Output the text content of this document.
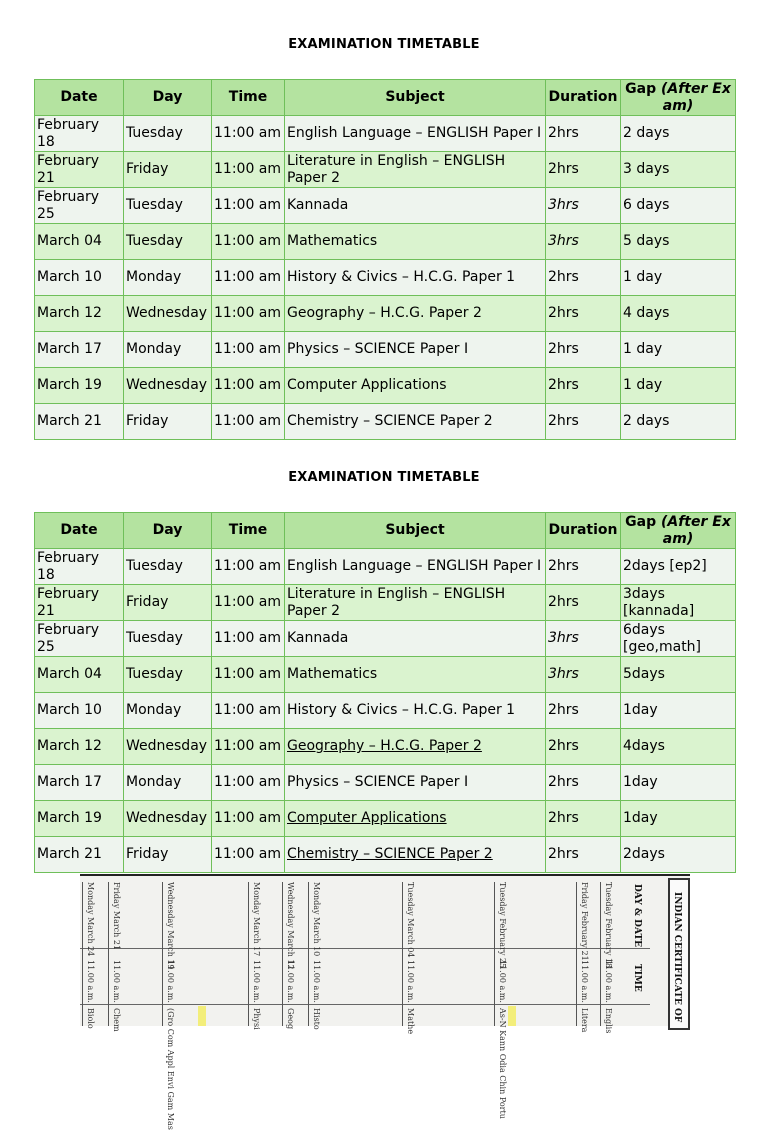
EXAMINATION TIMETABLE
Date	Day	Time	Subject	Duration	Gap (After Exam)
February 18	Tuesday	11:00 am	English Language – ENGLISH Paper I	2hrs	2 days
February 21	Friday	11:00 am	Literature in English – ENGLISH Paper 2	2hrs	3 days
February 25	Tuesday	11:00 am	Kannada	3hrs	6 days
March 04	Tuesday	11:00 am	Mathematics	3hrs	5 days
March 10	Monday	11:00 am	History & Civics – H.C.G. Paper 1	2hrs	1 day
March 12	Wednesday	11:00 am	Geography – H.C.G. Paper 2	2hrs	4 days
March 17	Monday	11:00 am	Physics – SCIENCE Paper I	2hrs	1 day
March 19	Wednesday	11:00 am	Computer Applications	2hrs	1 day
March 21	Friday	11:00 am	Chemistry – SCIENCE Paper 2	2hrs	2 days
EXAMINATION TIMETABLE
Date	Day	Time	Subject	Duration	Gap (After Exam)
February 18	Tuesday	11:00 am	English Language – ENGLISH Paper I	2hrs	2days [ep2]
February 21	Friday	11:00 am	Literature in English – ENGLISH Paper 2	2hrs	3days [kannada]
February 25	Tuesday	11:00 am	Kannada	3hrs	6days [geo,math]
March 04	Tuesday	11:00 am	Mathematics	3hrs	5days
March 10	Monday	11:00 am	History & Civics – H.C.G. Paper 1	2hrs	1day
March 12	Wednesday	11:00 am	Geography – H.C.G. Paper 2	2hrs	4days
March 17	Monday	11:00 am	Physics – SCIENCE Paper I	2hrs	1day
March 19	Wednesday	11:00 am	Computer Applications	2hrs	1day
March 21	Friday	11:00 am	Chemistry – SCIENCE Paper 2	2hrs	2days
INDIAN CERTIFICATE OF
DAY & DATE
TIME
Tuesday February 18
11.00 a.m.
Englis
Friday February 21
11.00 a.m.
Litera
Tuesday February 25
11.00 a.m.
As-N Kann Odia Chin Portu
Tuesday March 04
11.00 a.m.
Mathe
Monday March 10
11.00 a.m.
Histo
Wednesday March 12
11.00 a.m.
Geog
Monday March 17
11.00 a.m.
Physi
Wednesday March 19
11.00 a.m.
(Gro Com Appl Envi Gam Mas
Friday March 21
11.00 a.m.
Chem
Monday March 24
11.00 a.m.
Biolo
